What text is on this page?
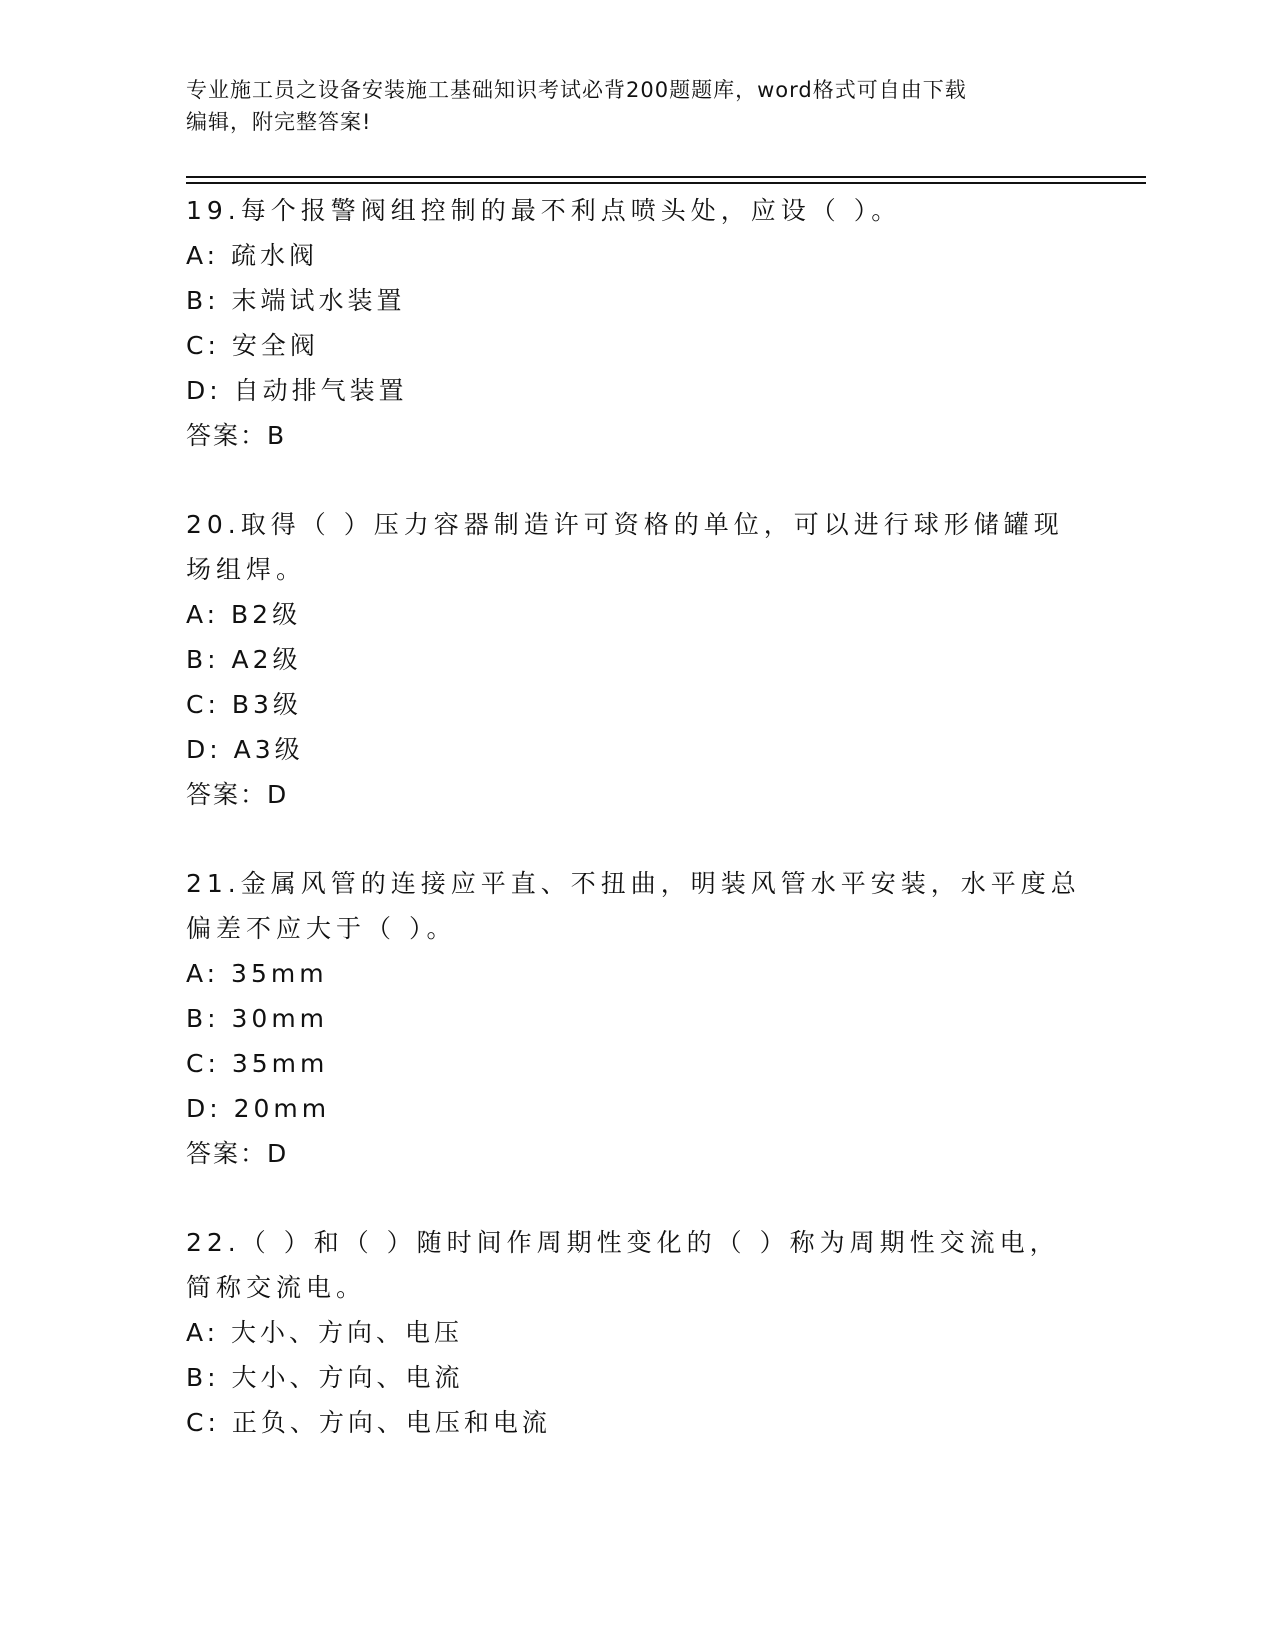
专业施工员之设备安装施工基础知识考试必背200题题库，word格式可自由下载
编辑，附完整答案!

19.每个报警阀组控制的最不利点喷头处，应设（ ）。

A: 疏水阀
B: 末端试水装置
C: 安全阀
D: 自动排气装置
答案：B

20.取得（ ）压力容器制造许可资格的单位，可以进行球形储罐现场组焊。

A: B2级
B: A2级
C: B3级
D: A3级
答案：D

21.金属风管的连接应平直、不扭曲，明装风管水平安装，水平度总偏差不应大于（ ）。

A: 35mm
B: 30mm
C: 35mm
D: 20mm
答案：D

22.（ ）和（ ）随时间作周期性变化的（ ）称为周期性交流电，简称交流电。

A: 大小、方向、电压
B: 大小、方向、电流
C: 正负、方向、电压和电流
